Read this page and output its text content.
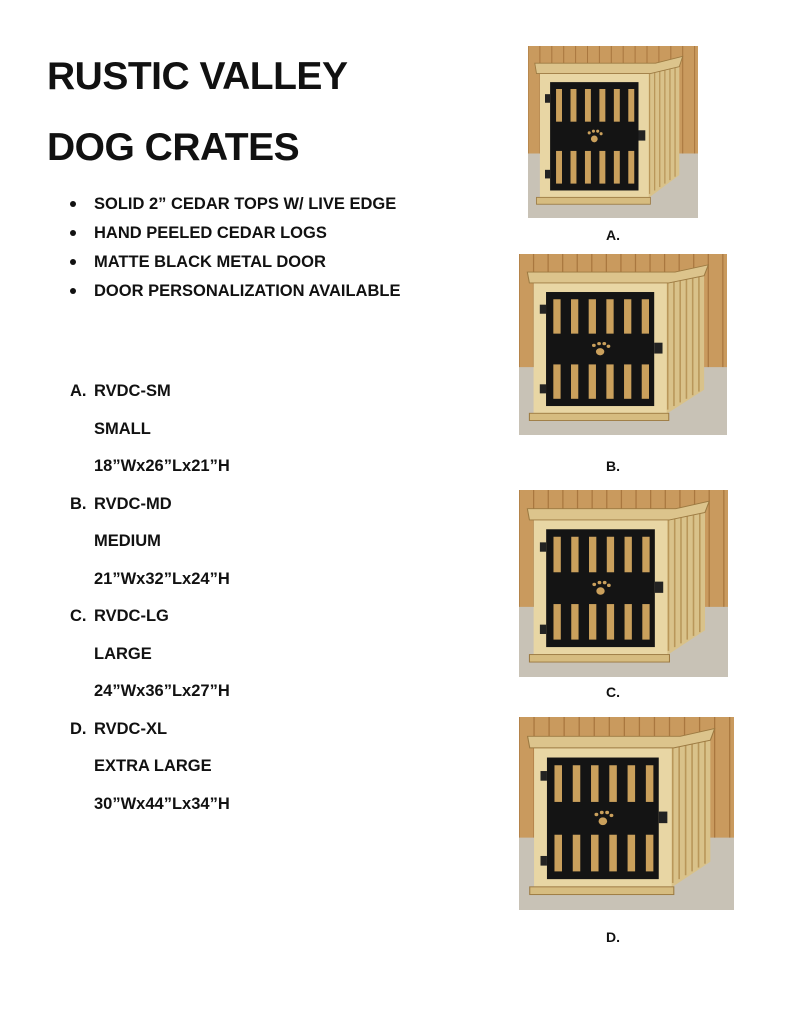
RUSTIC VALLEY
DOG CRATES
SOLID 2” CEDAR TOPS W/ LIVE EDGE
HAND PEELED CEDAR LOGS
MATTE BLACK METAL DOOR
DOOR PERSONALIZATION AVAILABLE
A. RVDC-SM
SMALL
18”Wx26”Lx21”H
B. RVDC-MD
MEDIUM
21”Wx32”Lx24”H
C. RVDC-LG
LARGE
24”Wx36”Lx27”H
D. RVDC-XL
EXTRA LARGE
30”Wx44”Lx34”H
A.
B.
C.
D.
